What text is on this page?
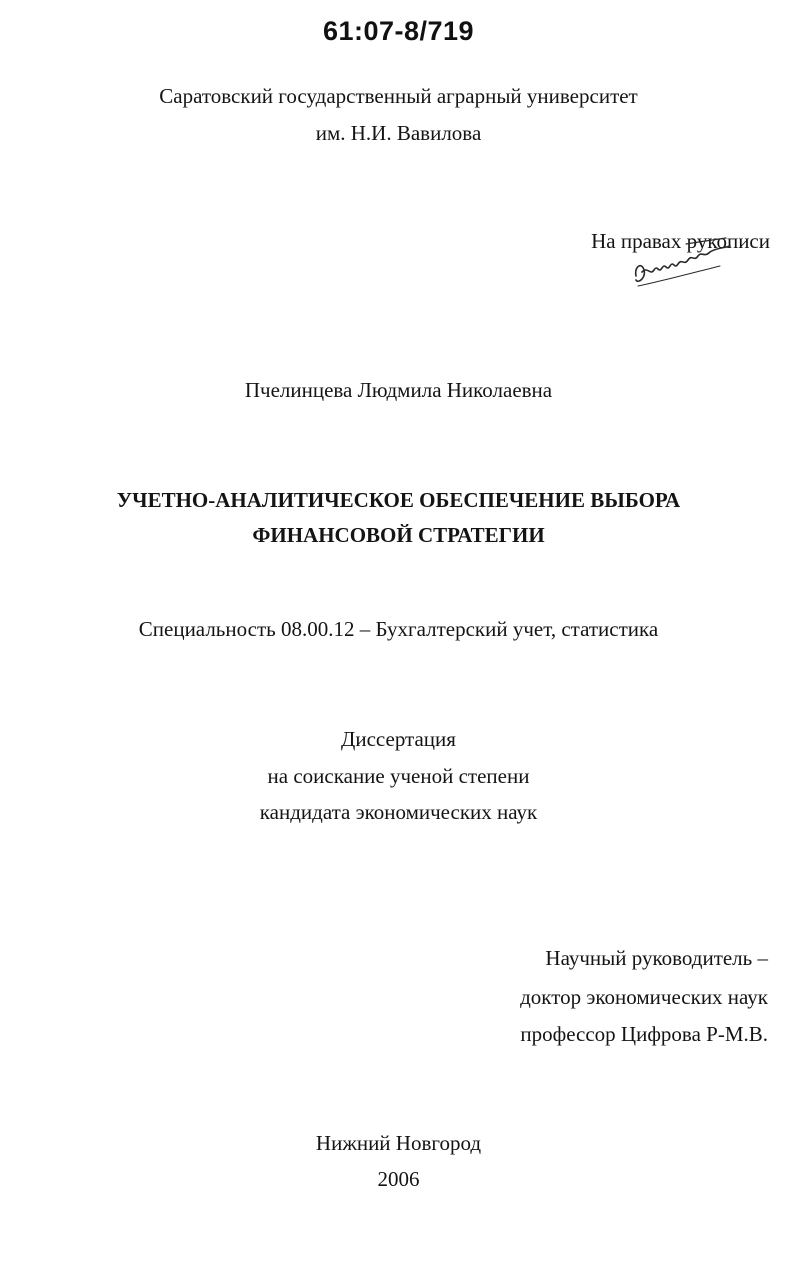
61:07-8/719
Саратовский государственный аграрный университет
им. Н.И. Вавилова
На правах рукописи
Пчелинцева Людмила Николаевна
УЧЕТНО-АНАЛИТИЧЕСКОЕ ОБЕСПЕЧЕНИЕ ВЫБОРА
ФИНАНСОВОЙ СТРАТЕГИИ
Специальность 08.00.12 – Бухгалтерский учет, статистика
Диссертация
на соискание ученой степени
кандидата экономических наук
Научный руководитель –
доктор экономических наук
профессор Цифрова Р-М.В.
Нижний Новгород
2006
